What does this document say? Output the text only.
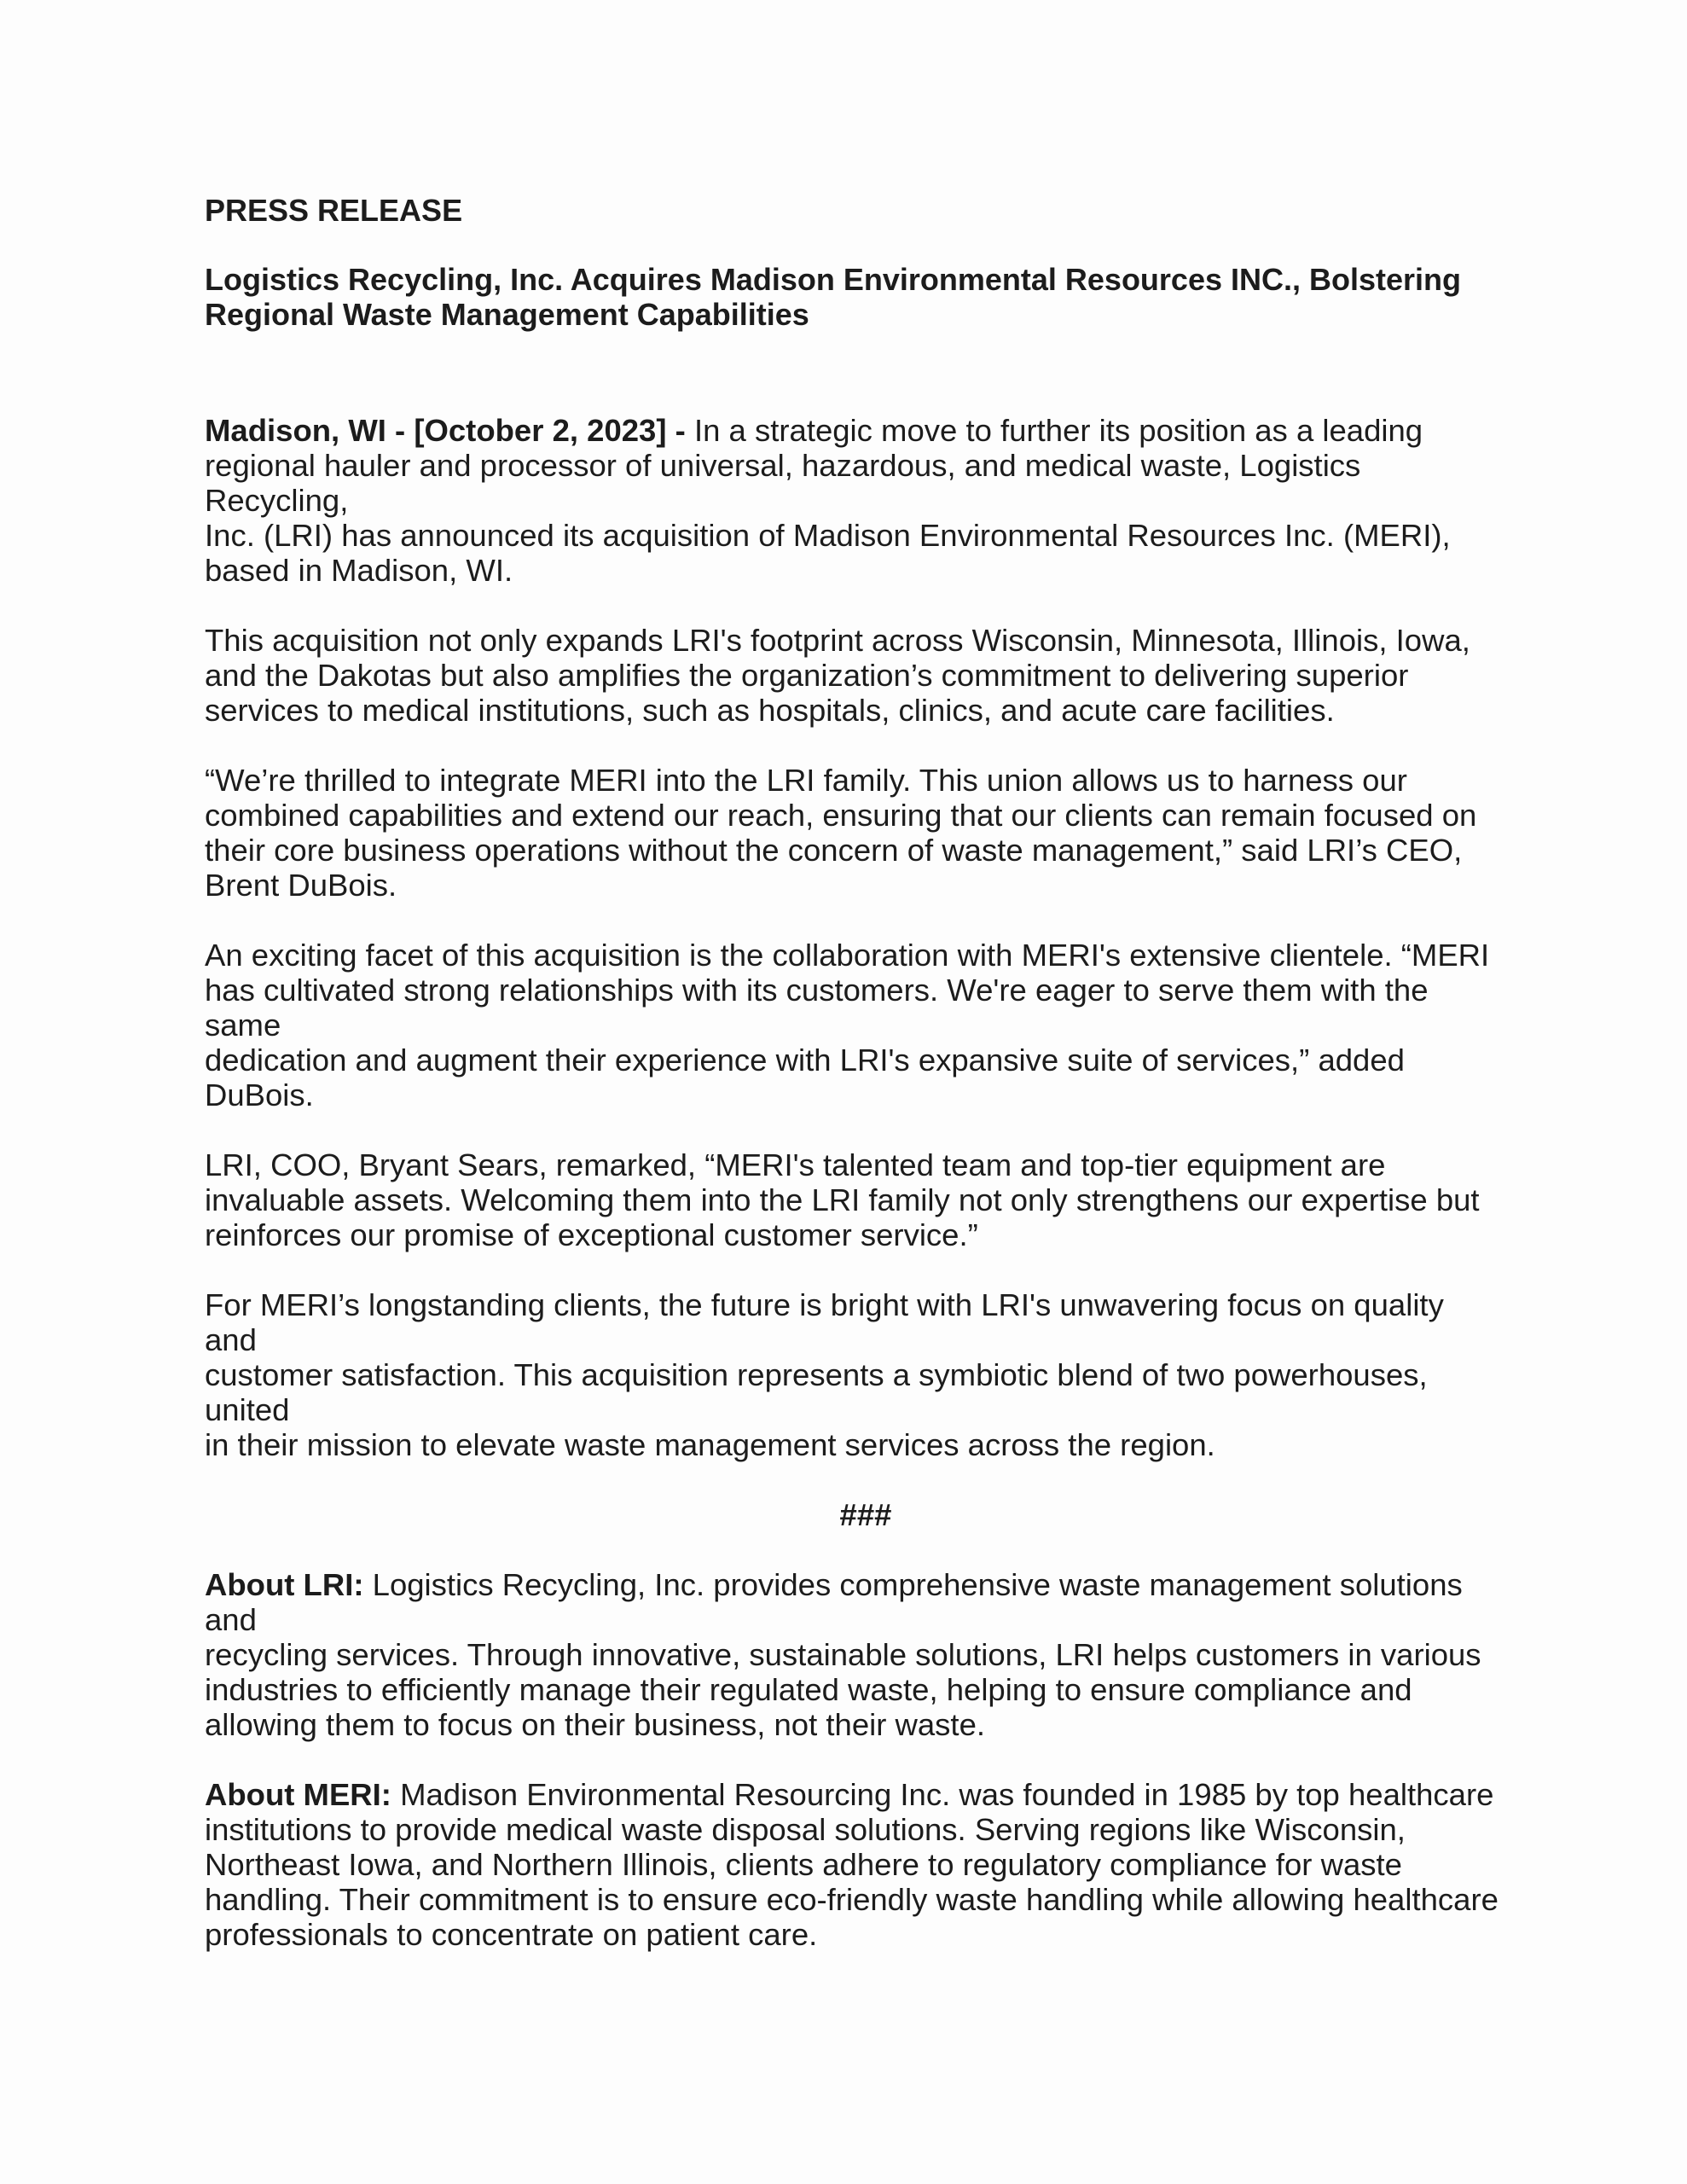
PRESS RELEASE

Logistics Recycling, Inc. Acquires Madison Environmental Resources INC., Bolstering
Regional Waste Management Capabilities

Madison, WI - [October 2, 2023] - In a strategic move to further its position as a leading
regional hauler and processor of universal, hazardous, and medical waste, Logistics Recycling,
Inc. (LRI) has announced its acquisition of Madison Environmental Resources Inc. (MERI),
based in Madison, WI.

This acquisition not only expands LRI's footprint across Wisconsin, Minnesota, Illinois, Iowa,
and the Dakotas but also amplifies the organization’s commitment to delivering superior
services to medical institutions, such as hospitals, clinics, and acute care facilities.

“We’re thrilled to integrate MERI into the LRI family. This union allows us to harness our
combined capabilities and extend our reach, ensuring that our clients can remain focused on
their core business operations without the concern of waste management,” said LRI’s CEO,
Brent DuBois.

An exciting facet of this acquisition is the collaboration with MERI's extensive clientele. “MERI
has cultivated strong relationships with its customers. We're eager to serve them with the same
dedication and augment their experience with LRI's expansive suite of services,” added DuBois.

LRI, COO, Bryant Sears, remarked, “MERI's talented team and top-tier equipment are
invaluable assets. Welcoming them into the LRI family not only strengthens our expertise but
reinforces our promise of exceptional customer service.”

For MERI’s longstanding clients, the future is bright with LRI's unwavering focus on quality and
customer satisfaction. This acquisition represents a symbiotic blend of two powerhouses, united
in their mission to elevate waste management services across the region.

###

About LRI: Logistics Recycling, Inc. provides comprehensive waste management solutions and
recycling services. Through innovative, sustainable solutions, LRI helps customers in various
industries to efficiently manage their regulated waste, helping to ensure compliance and
allowing them to focus on their business, not their waste.

About MERI: Madison Environmental Resourcing Inc. was founded in 1985 by top healthcare
institutions to provide medical waste disposal solutions. Serving regions like Wisconsin,
Northeast Iowa, and Northern Illinois, clients adhere to regulatory compliance for waste
handling. Their commitment is to ensure eco-friendly waste handling while allowing healthcare
professionals to concentrate on patient care.
